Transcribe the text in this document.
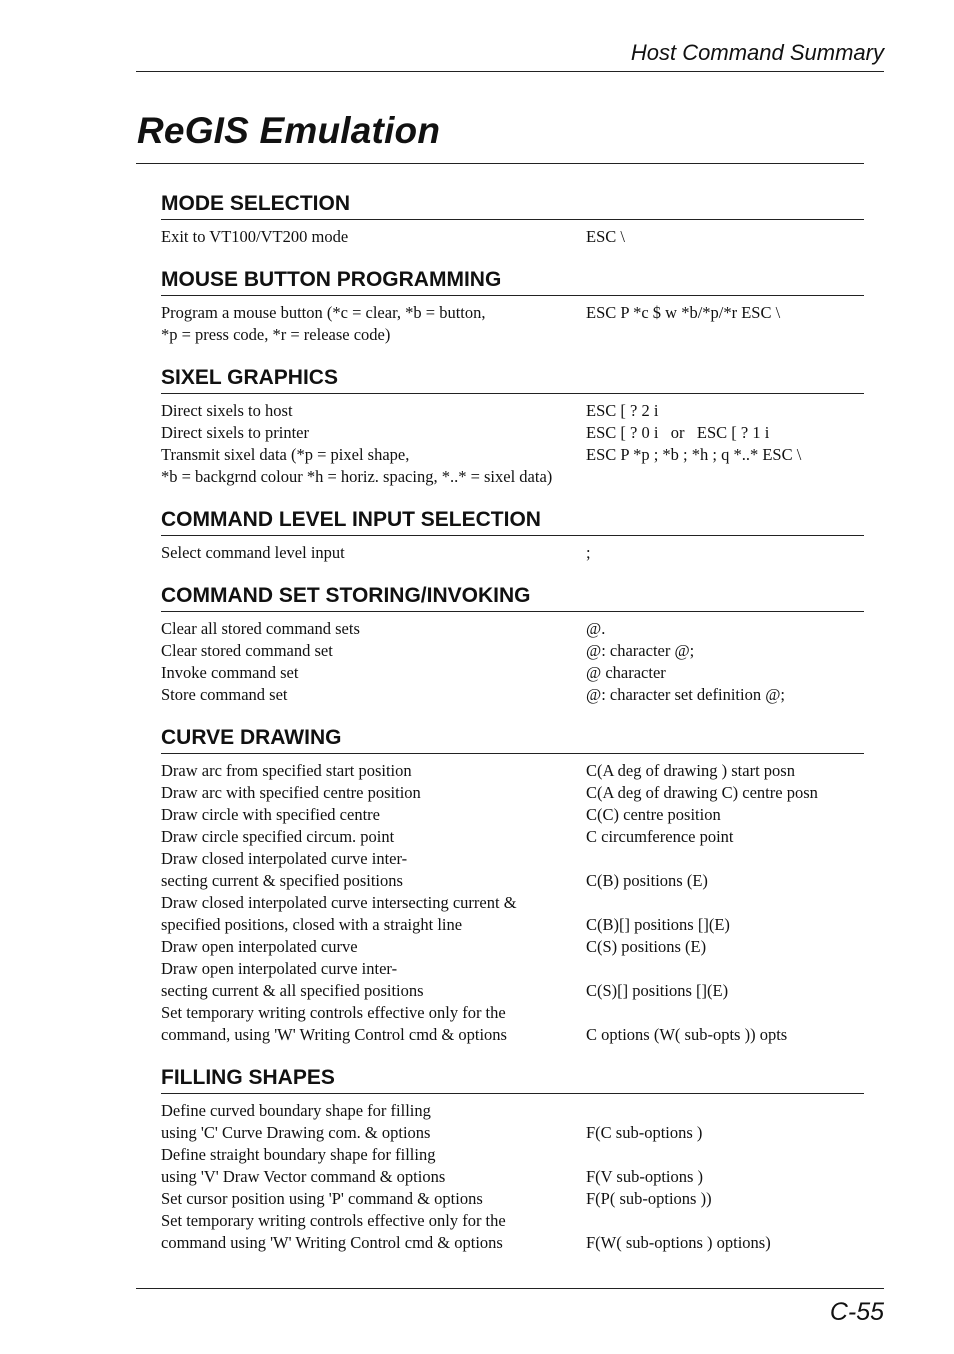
Host Command Summary
ReGIS Emulation
MODE SELECTION
Exit to VT100/VT200 mode	ESC \
MOUSE BUTTON PROGRAMMING
Program a mouse button (*c = clear, *b = button,	ESC P *c $ w *b/*p/*r ESC \
*p = press code, *r = release code)
SIXEL GRAPHICS
Direct sixels to host	ESC [ ? 2 i
Direct sixels to printer	ESC [ ? 0 i   or   ESC [ ? 1 i
Transmit sixel data (*p = pixel shape,	ESC P *p ; *b ; *h ; q *..* ESC \
*b = backgrnd colour *h = horiz. spacing, *..* = sixel data)
COMMAND LEVEL INPUT SELECTION
Select command level input	;
COMMAND SET STORING/INVOKING
Clear all stored command sets	@.
Clear stored command set	@: character @;
Invoke command set	@ character
Store command set	@: character set definition @;
CURVE DRAWING
Draw arc from specified start position	C(A deg of drawing ) start posn
Draw arc with specified centre position	C(A deg of drawing C) centre posn
Draw circle with specified centre	C(C) centre position
Draw circle specified circum. point	C circumference point
Draw closed interpolated curve inter-
secting current & specified positions	C(B) positions (E)
Draw closed interpolated curve intersecting current &
specified positions, closed with a straight line	C(B)[] positions [](E)
Draw open interpolated curve	C(S) positions (E)
Draw open interpolated curve inter-
secting current & all specified positions	C(S)[] positions [](E)
Set temporary writing controls effective only for the
command, using 'W' Writing Control cmd & options	C options (W( sub-opts )) opts
FILLING SHAPES
Define curved boundary shape for filling
using 'C' Curve Drawing com. & options	F(C sub-options )
Define straight boundary shape for filling
using 'V' Draw Vector command & options	F(V sub-options )
Set cursor position using 'P' command & options	F(P( sub-options ))
Set temporary writing controls effective only for the
command using 'W' Writing Control cmd & options	F(W( sub-options ) options)
C-55
